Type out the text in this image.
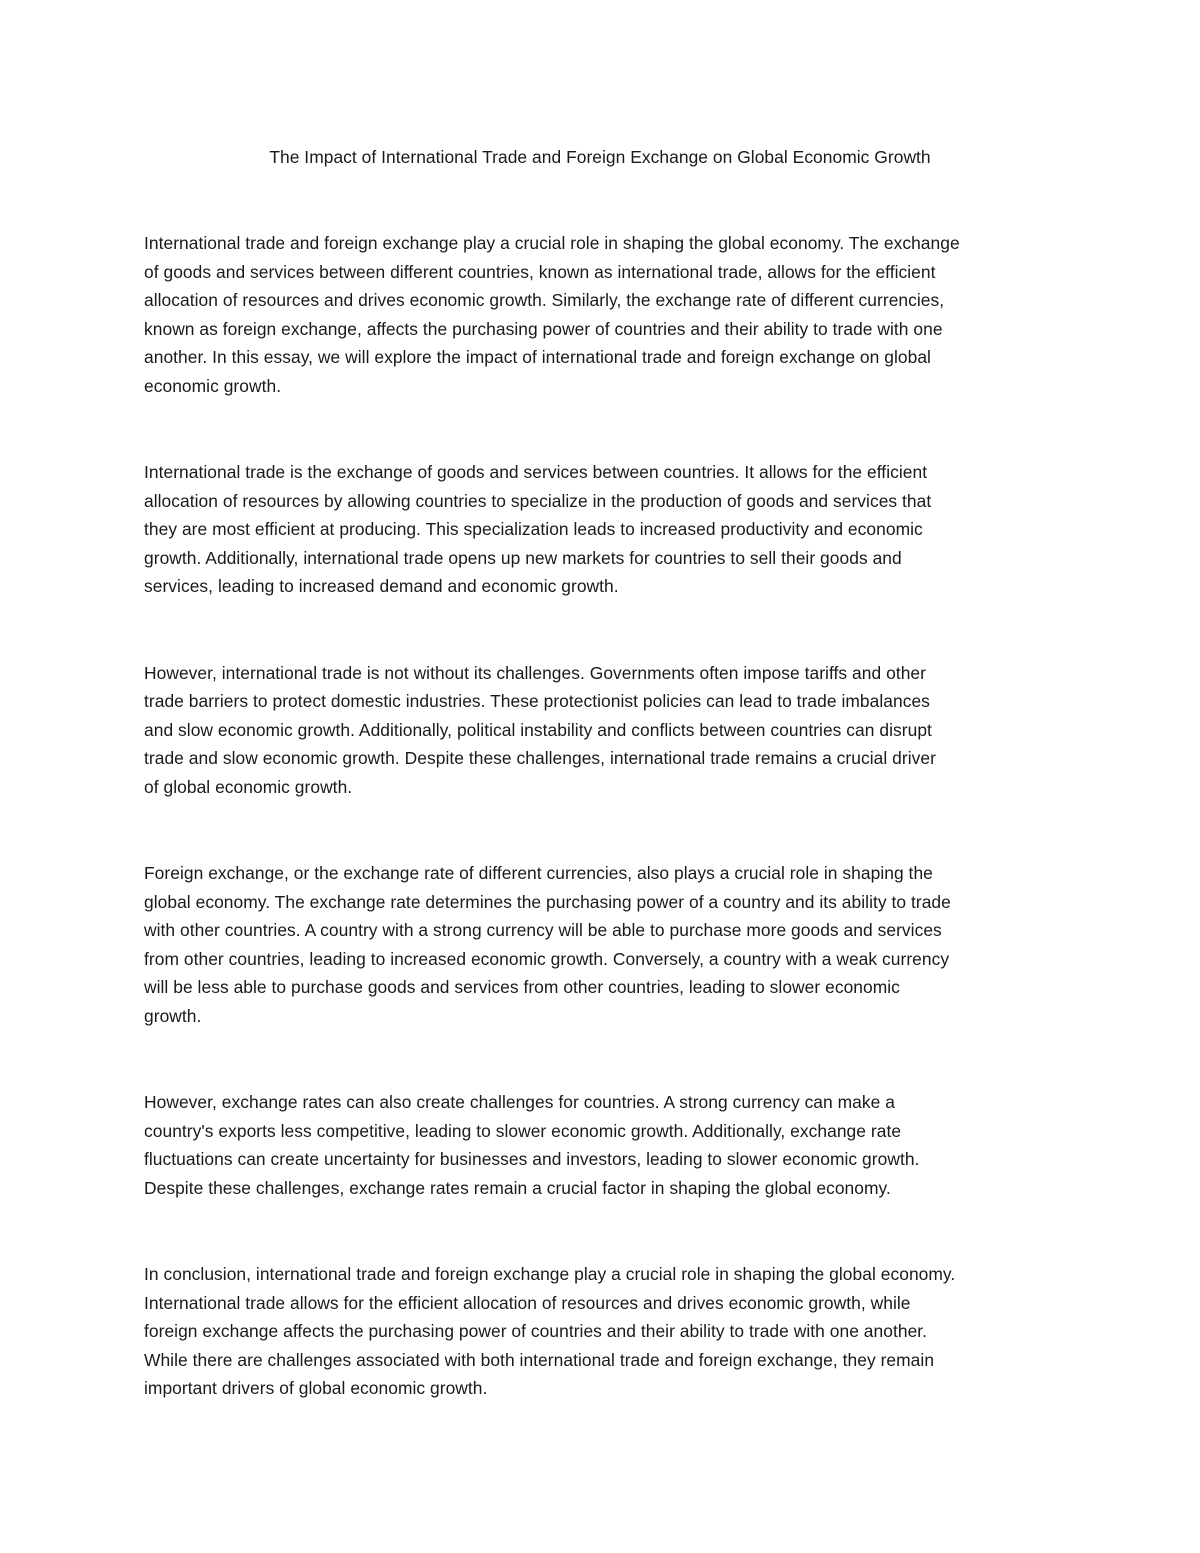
The Impact of International Trade and Foreign Exchange on Global Economic Growth

International trade and foreign exchange play a crucial role in shaping the global economy. The exchange
of goods and services between different countries, known as international trade, allows for the efficient
allocation of resources and drives economic growth. Similarly, the exchange rate of different currencies,
known as foreign exchange, affects the purchasing power of countries and their ability to trade with one
another. In this essay, we will explore the impact of international trade and foreign exchange on global
economic growth.

International trade is the exchange of goods and services between countries. It allows for the efficient
allocation of resources by allowing countries to specialize in the production of goods and services that
they are most efficient at producing. This specialization leads to increased productivity and economic
growth. Additionally, international trade opens up new markets for countries to sell their goods and
services, leading to increased demand and economic growth.

However, international trade is not without its challenges. Governments often impose tariffs and other
trade barriers to protect domestic industries. These protectionist policies can lead to trade imbalances
and slow economic growth. Additionally, political instability and conflicts between countries can disrupt
trade and slow economic growth. Despite these challenges, international trade remains a crucial driver
of global economic growth.

Foreign exchange, or the exchange rate of different currencies, also plays a crucial role in shaping the
global economy. The exchange rate determines the purchasing power of a country and its ability to trade
with other countries. A country with a strong currency will be able to purchase more goods and services
from other countries, leading to increased economic growth. Conversely, a country with a weak currency
will be less able to purchase goods and services from other countries, leading to slower economic
growth.

However, exchange rates can also create challenges for countries. A strong currency can make a
country's exports less competitive, leading to slower economic growth. Additionally, exchange rate
fluctuations can create uncertainty for businesses and investors, leading to slower economic growth.
Despite these challenges, exchange rates remain a crucial factor in shaping the global economy.

In conclusion, international trade and foreign exchange play a crucial role in shaping the global economy.
International trade allows for the efficient allocation of resources and drives economic growth, while
foreign exchange affects the purchasing power of countries and their ability to trade with one another.
While there are challenges associated with both international trade and foreign exchange, they remain
important drivers of global economic growth.
